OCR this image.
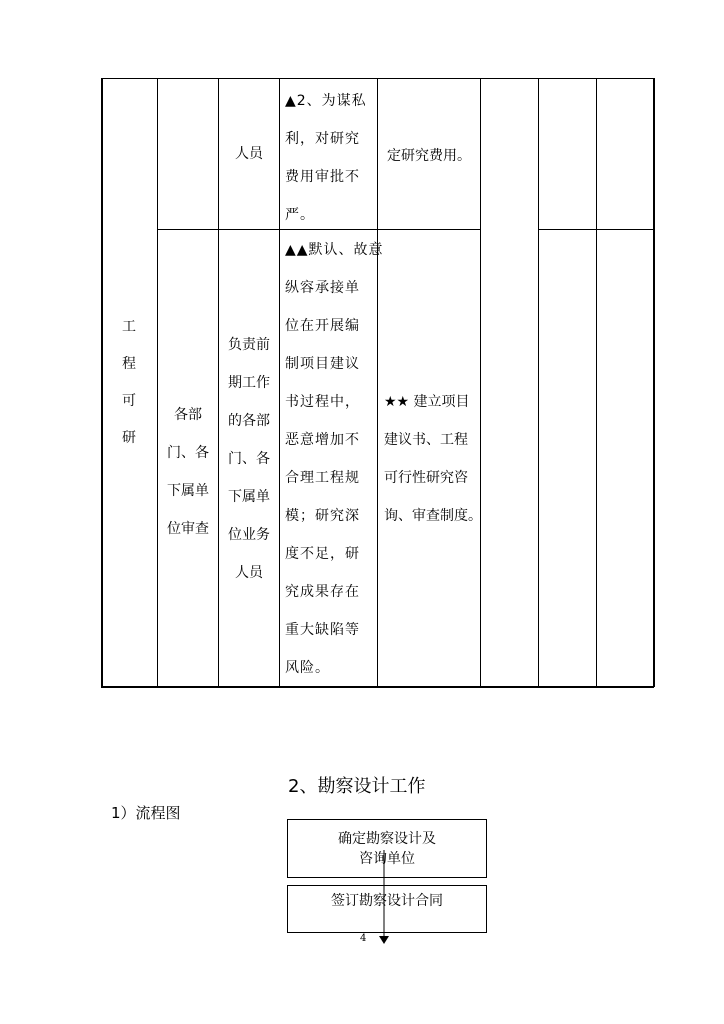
工
程
可
研
人员
▲2、为谋私
利，对研究
费用审批不
严。
定研究费用。
各部
门、各
下属单
位审查
负责前
期工作
的各部
门、各
下属单
位业务
人员
▲▲默认、故意
纵容承接单
位在开展编
制项目建议
书过程中，
恶意增加不
合理工程规
模；研究深
度不足，研
究成果存在
重大缺陷等
风险。
★★ 建立项目
建议书、工程
可行性研究咨
询、审查制度。
2、勘察设计工作
1）流程图
确定勘察设计及
咨询单位
签订勘察设计合同
4
